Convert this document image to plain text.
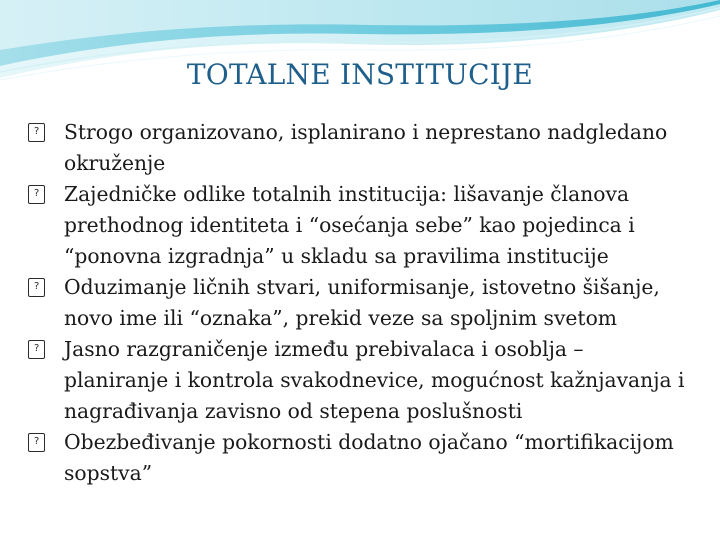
TOTALNE INSTITUCIJE
? Strogo organizovano, isplanirano i neprestano nadgledano okruženje
? Zajedničke odlike totalnih institucija: lišavanje članova prethodnog identiteta i “osećanja sebe” kao pojedinca i “ponovna izgradnja” u skladu sa pravilima institucije
? Oduzimanje ličnih stvari, uniformisanje, istovetno šišanje, novo ime ili “oznaka”, prekid veze sa spoljnim svetom
? Jasno razgraničenje između prebivalaca i osoblja – planiranje i kontrola svakodnevice, mogućnost kažnjavanja i nagrađivanja zavisno od stepena poslušnosti
? Obezbeđivanje pokornosti dodatno ojačano “mortifikacijom sopstva”
